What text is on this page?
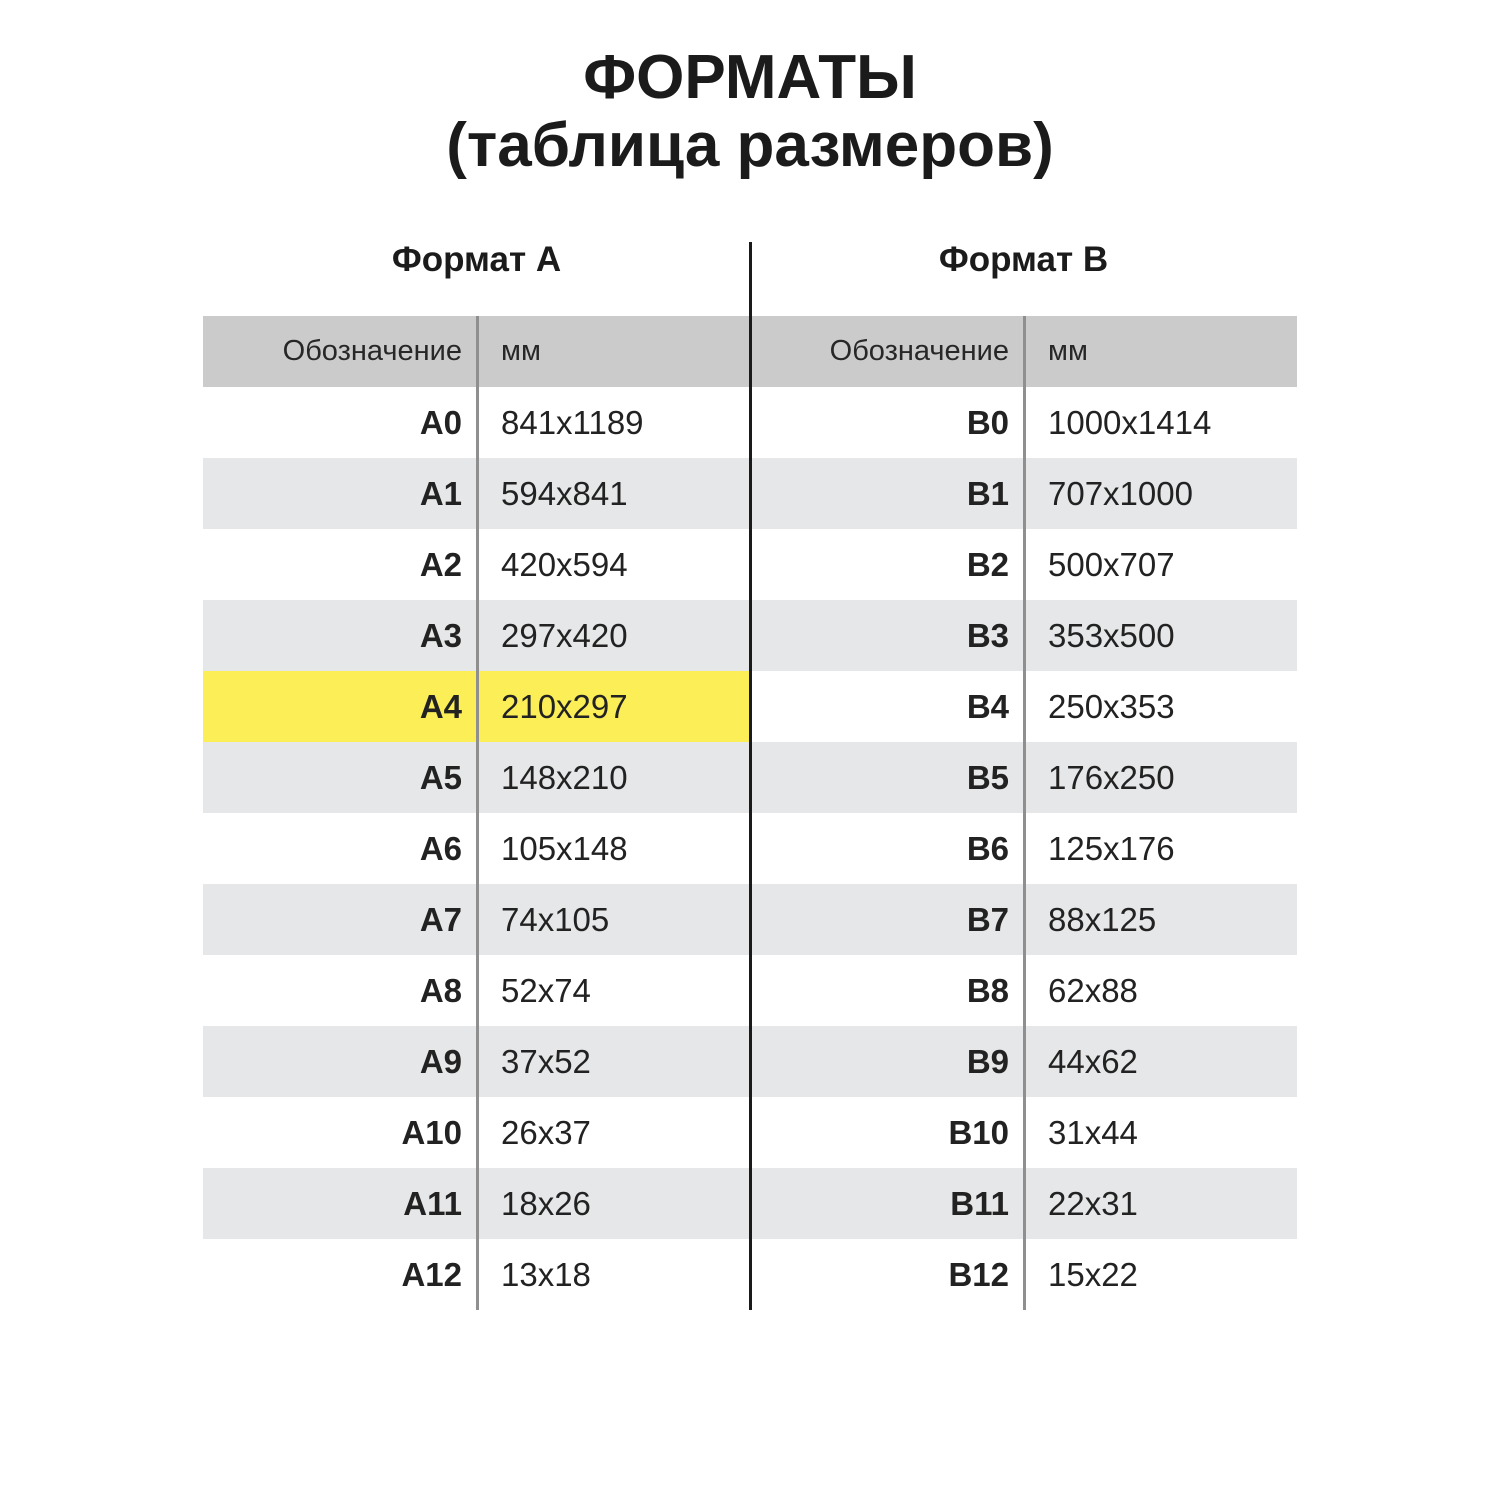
ФОРМАТЫ
(таблица размеров)
Формат А
Обозначение	мм
A0	841x1189
A1	594x841
A2	420x594
A3	297x420
A4	210x297
A5	148x210
A6	105x148
A7	74x105
A8	52x74
A9	37x52
A10	26x37
A11	18x26
A12	13x18
Формат B
Обозначение	мм
B0	1000x1414
B1	707x1000
B2	500x707
B3	353x500
B4	250x353
B5	176x250
B6	125x176
B7	88x125
B8	62x88
B9	44x62
B10	31x44
B11	22x31
B12	15x22
